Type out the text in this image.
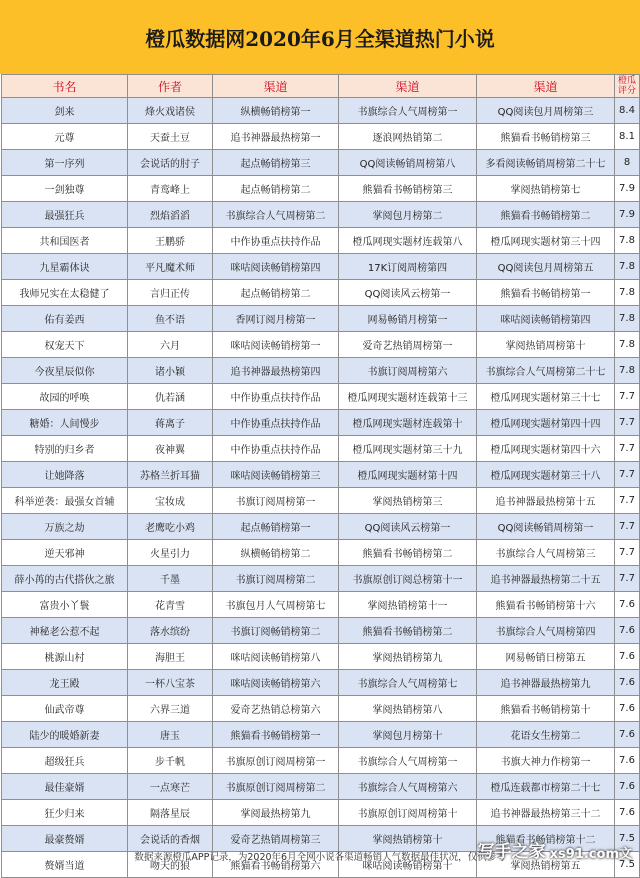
橙瓜数据网2020年6月全渠道热门小说
书名	作者	渠道	渠道	渠道	橙瓜评分
剑来	烽火戏诸侯	纵横畅销榜第一	书旗综合人气周榜第一	QQ阅读包月周榜第三	8.4
元尊	天蚕土豆	追书神器最热榜第一	逐浪网热销第二	熊猫看书畅销榜第三	8.1
第一序列	会说话的肘子	起点畅销榜第三	QQ阅读畅销周榜第八	多看阅读畅销周榜第二十七	8
一剑独尊	青鸾峰上	起点畅销榜第二	熊猫看书畅销榜第三	掌阅热销榜第七	7.9
最强狂兵	烈焰滔滔	书旗综合人气周榜第二	掌阅包月榜第二	熊猫看书畅销榜第二	7.9
共和国医者	王鹏骄	中作协重点扶持作品	橙瓜网现实题材连载第八	橙瓜网现实题材第三十四	7.8
九星霸体诀	平凡魔术师	咪咕阅读畅销榜第四	17K订阅周榜第四	QQ阅读包月周榜第五	7.8
我师兄实在太稳健了	言归正传	起点畅销榜第二	QQ阅读风云榜第一	熊猫看书畅销榜第一	7.8
佑有姜西	鱼不语	香网订阅月榜第一	网易畅销月榜第一	咪咕阅读畅销榜第四	7.8
权宠天下	六月	咪咕阅读畅销榜第一	爱奇艺热销周榜第一	掌阅热销周榜第十	7.8
今夜星辰似你	诸小颖	追书神器最热榜第四	书旗订阅周榜第六	书旗综合人气周榜第二十七	7.8
故园的呼唤	仇若涵	中作协重点扶持作品	橙瓜网现实题材连载第十三	橙瓜网现实题材第三十七	7.7
糖婚：人间慢步	蒋离子	中作协重点扶持作品	橙瓜网现实题材连载第十	橙瓜网现实题材第四十四	7.7
特别的归乡者	夜神翼	中作协重点扶持作品	橙瓜网现实题材第三十九	橙瓜网现实题材第四十六	7.7
让她降落	苏格兰折耳猫	咪咕阅读畅销榜第三	橙瓜网现实题材第十四	橙瓜网现实题材第三十八	7.7
科举逆袭：最强女首辅	宝妆成	书旗订阅周榜第一	掌阅热销榜第三	追书神器最热榜第十五	7.7
万族之劫	老鹰吃小鸡	起点畅销榜第一	QQ阅读风云榜第一	QQ阅读畅销周榜第一	7.7
逆天邪神	火星引力	纵横畅销榜第二	熊猫看书畅销榜第二	书旗综合人气周榜第三	7.7
薛小苒的古代搭伙之旅	千墨	书旗订阅周榜第二	书旗原创订阅总榜第十一	追书神器最热榜第二十五	7.7
富贵小丫鬟	花青雪	书旗包月人气周榜第七	掌阅热销榜第十一	熊猫看书畅销榜第十六	7.6
神秘老公惹不起	落水缤纷	书旗订阅畅销榜第二	熊猫看书畅销榜第二	书旗综合人气周榜第四	7.6
桃源山村	海胆王	咪咕阅读畅销榜第八	掌阅热销榜第九	网易畅销日榜第五	7.6
龙王殿	一杯八宝茶	咪咕阅读畅销榜第六	书旗综合人气周榜第七	追书神器最热榜第九	7.6
仙武帝尊	六界三道	爱奇艺热销总榜第六	掌阅热销榜第八	熊猫看书畅销榜第十	7.6
陆少的暖婚新妻	唐玉	熊猫看书畅销榜第一	掌阅包月榜第十	花语女生榜第二	7.6
超级狂兵	步千帆	书旗原创订阅周榜第一	书旗综合人气周榜第一	书旗大神力作榜第一	7.6
最佳豪婿	一点寒芒	书旗原创订阅周榜第二	书旗综合人气周榜第六	橙瓜连载都市榜第二十七	7.6
狂少归来	隔落星辰	掌阅最热榜第九	书旗原创订阅周榜第十	追书神器最热榜第三十二	7.6
最豪赘婿	会说话的香烟	爱奇艺热销周榜第三	掌阅热销榜第十	熊猫看书畅销榜第十二	7.5
赘婿当道	吻天的狼	熊猫看书畅销榜第六	咪咕阅读畅销榜第十	掌阅热销榜第五	7.5
数据来源橙瓜APP记录，为2020年6月全网小说各渠道畅销人气数据最佳状况，仅供参考
写手之家 xs91.com文
